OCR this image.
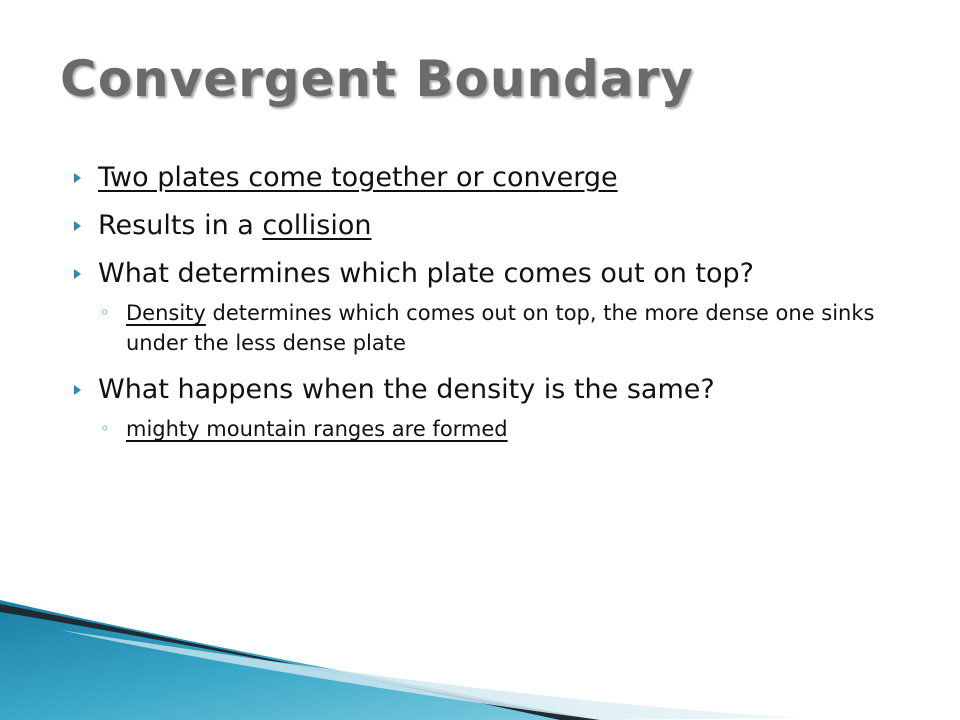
Convergent Boundary
Two plates come together or converge
Results in a collision
What determines which plate comes out on top?
◦ Density determines which comes out on top, the more dense one sinks under the less dense plate
What happens when the density is the same?
◦ mighty mountain ranges are formed
